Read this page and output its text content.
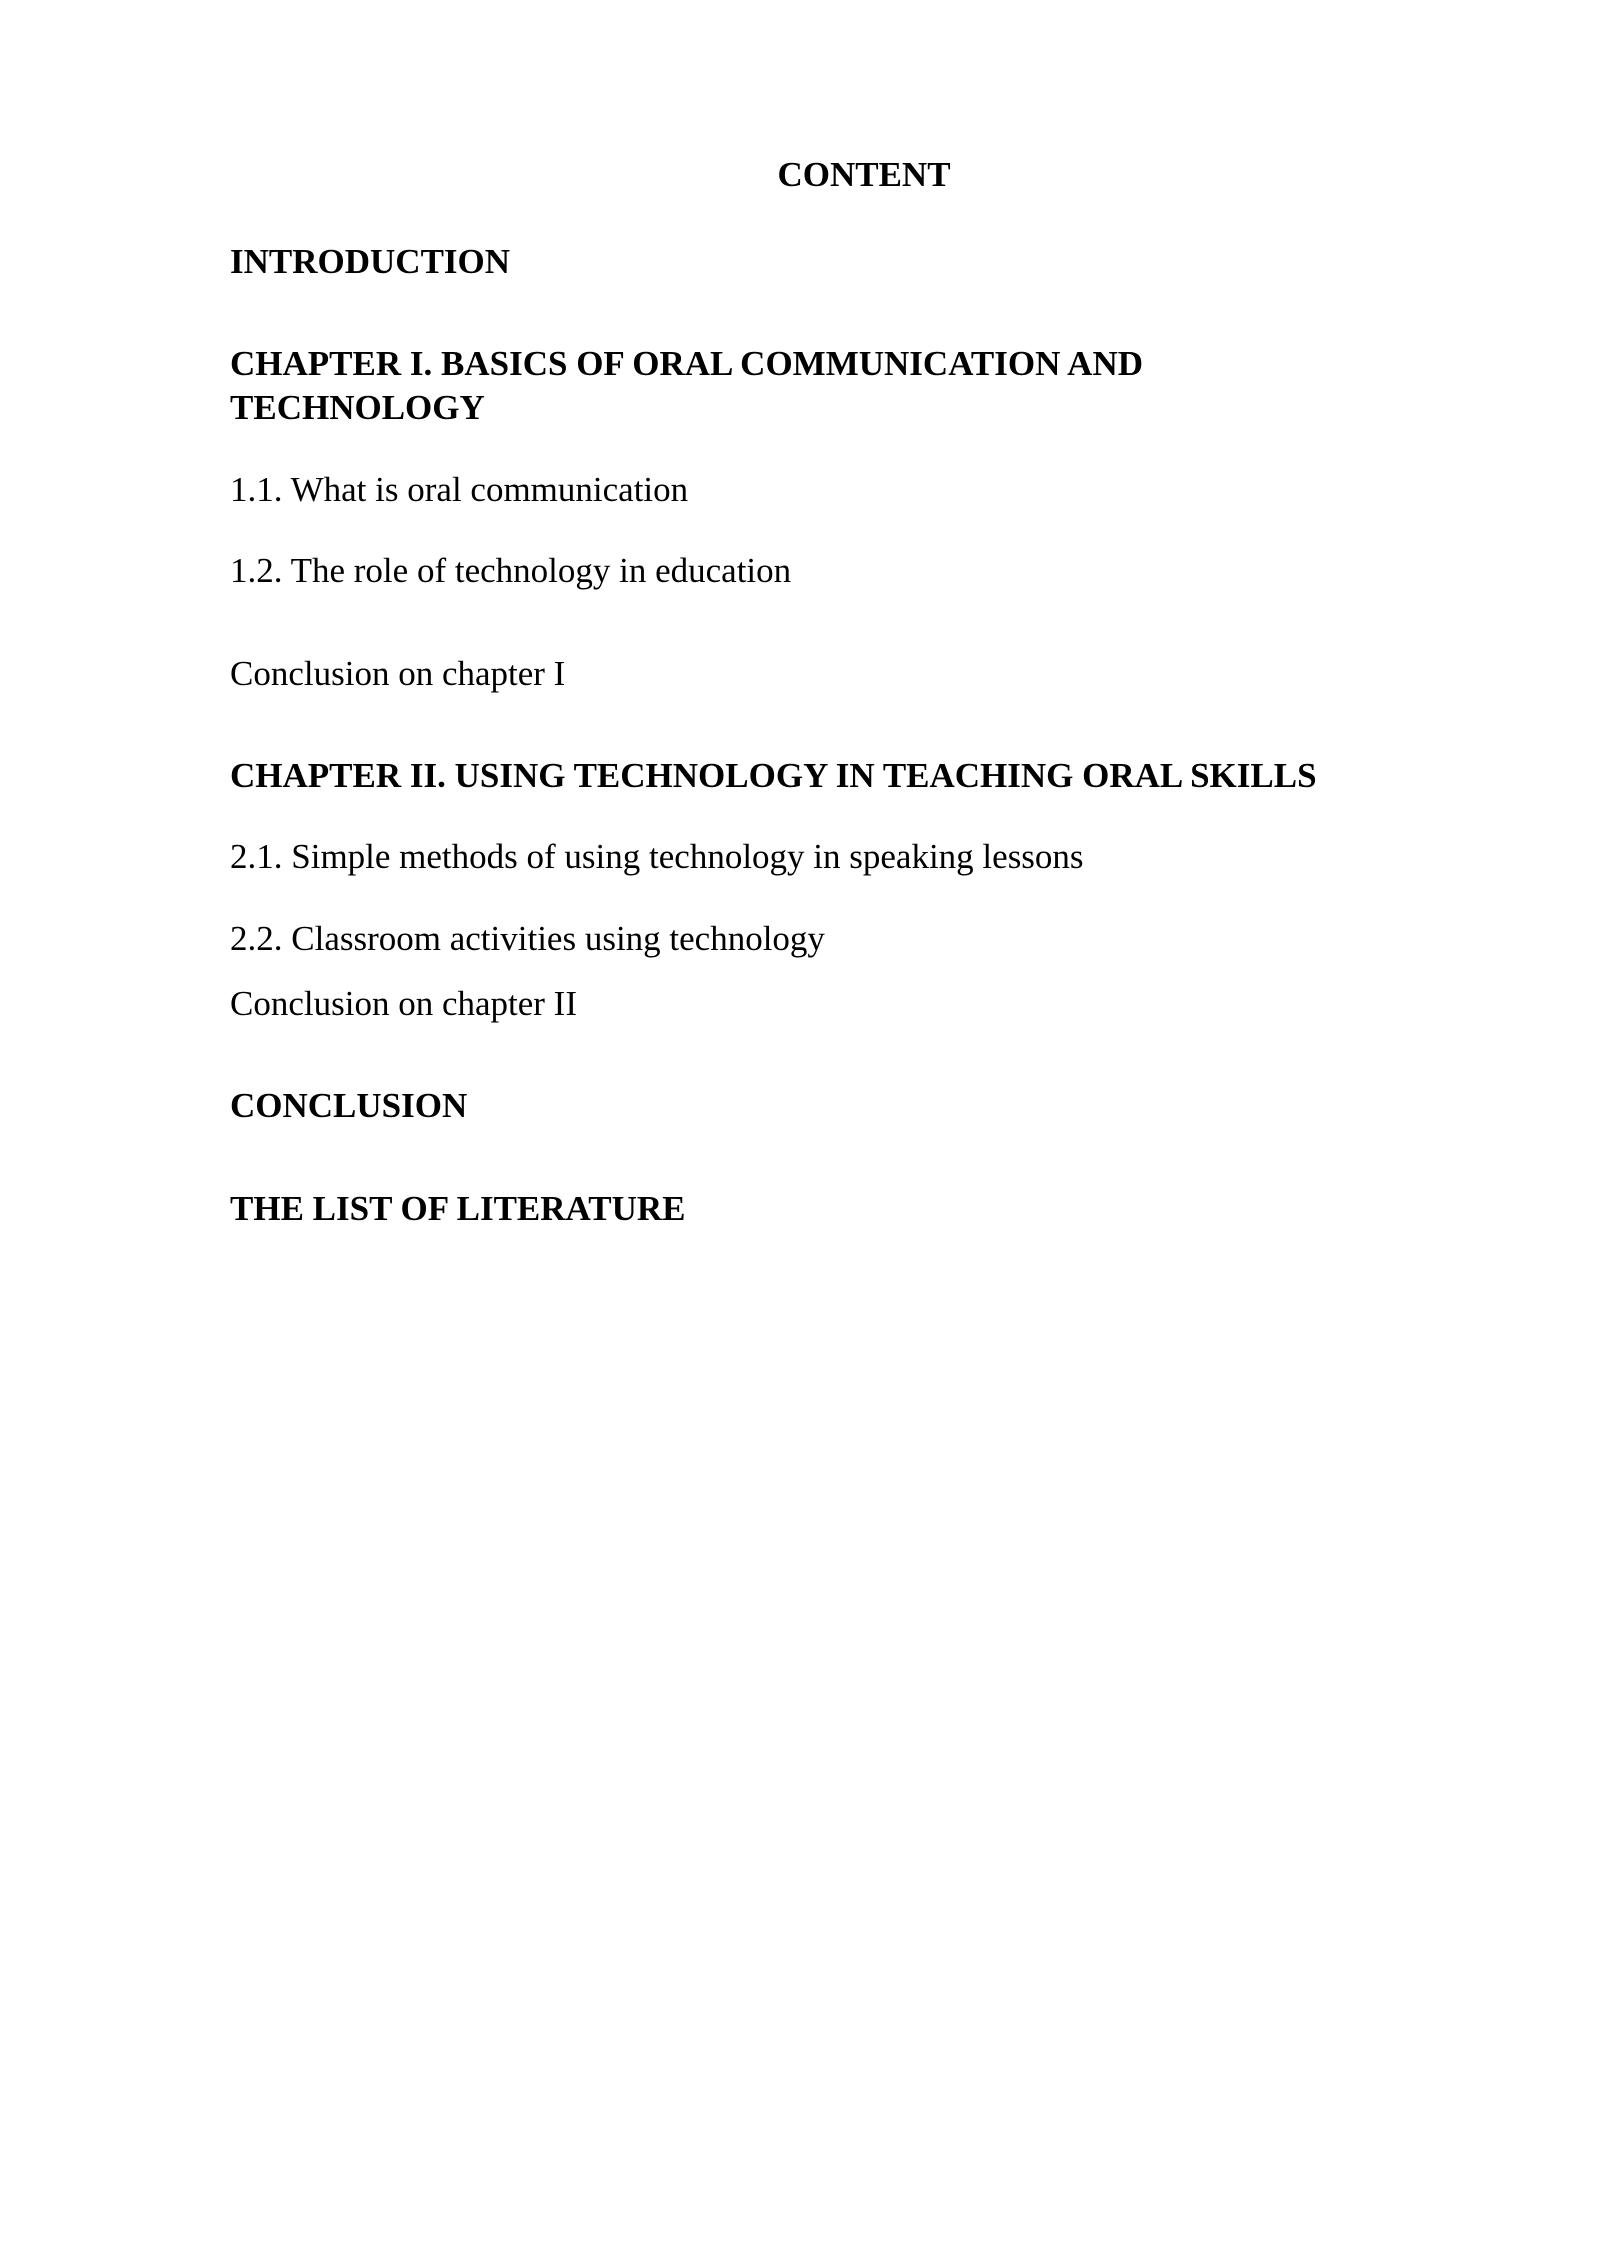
CONTENT

INTRODUCTION

CHAPTER I. BASICS OF ORAL COMMUNICATION AND

TECHNOLOGY

1.1. What is oral communication

1.2. The role of technology in education

Conclusion on chapter I

CHAPTER II. USING TECHNOLOGY IN TEACHING ORAL SKILLS

2.1. Simple methods of using technology in speaking lessons

2.2. Classroom activities using technology

Conclusion on chapter II

CONCLUSION

THE LIST OF LITERATURE
